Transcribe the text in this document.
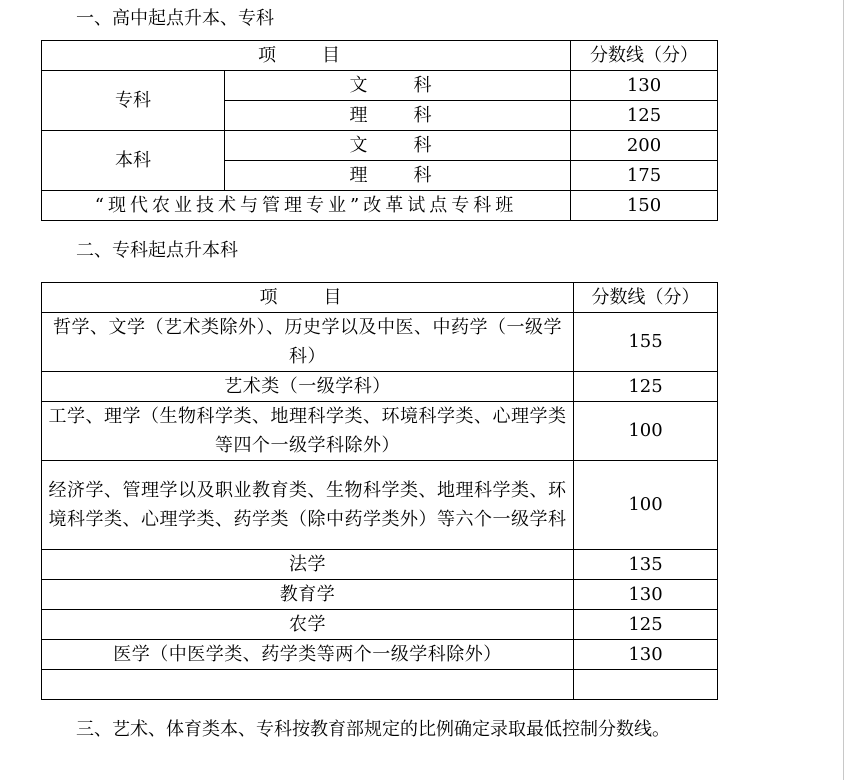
一、高中起点升本、专科
项　目		分数线（分）
专科	文　科	130
	理　科	125
本科	文　科	200
	理　科	175
“现代农业技术与管理专业”改革试点专科班		150
二、专科起点升本科
项　目	分数线（分）
哲学、文学（艺术类除外）、历史学以及中医、中药学（一级学科）	155
艺术类（一级学科）	125
工学、理学（生物科学类、地理科学类、环境科学类、心理学类等四个一级学科除外）	100
经济学、管理学以及职业教育类、生物科学类、地理科学类、环境科学类、心理学类、药学类（除中药学类外）等六个一级学科	100
法学	135
教育学	130
农学	125
医学（中医学类、药学类等两个一级学科除外）	130

三、艺术、体育类本、专科按教育部规定的比例确定录取最低控制分数线。
